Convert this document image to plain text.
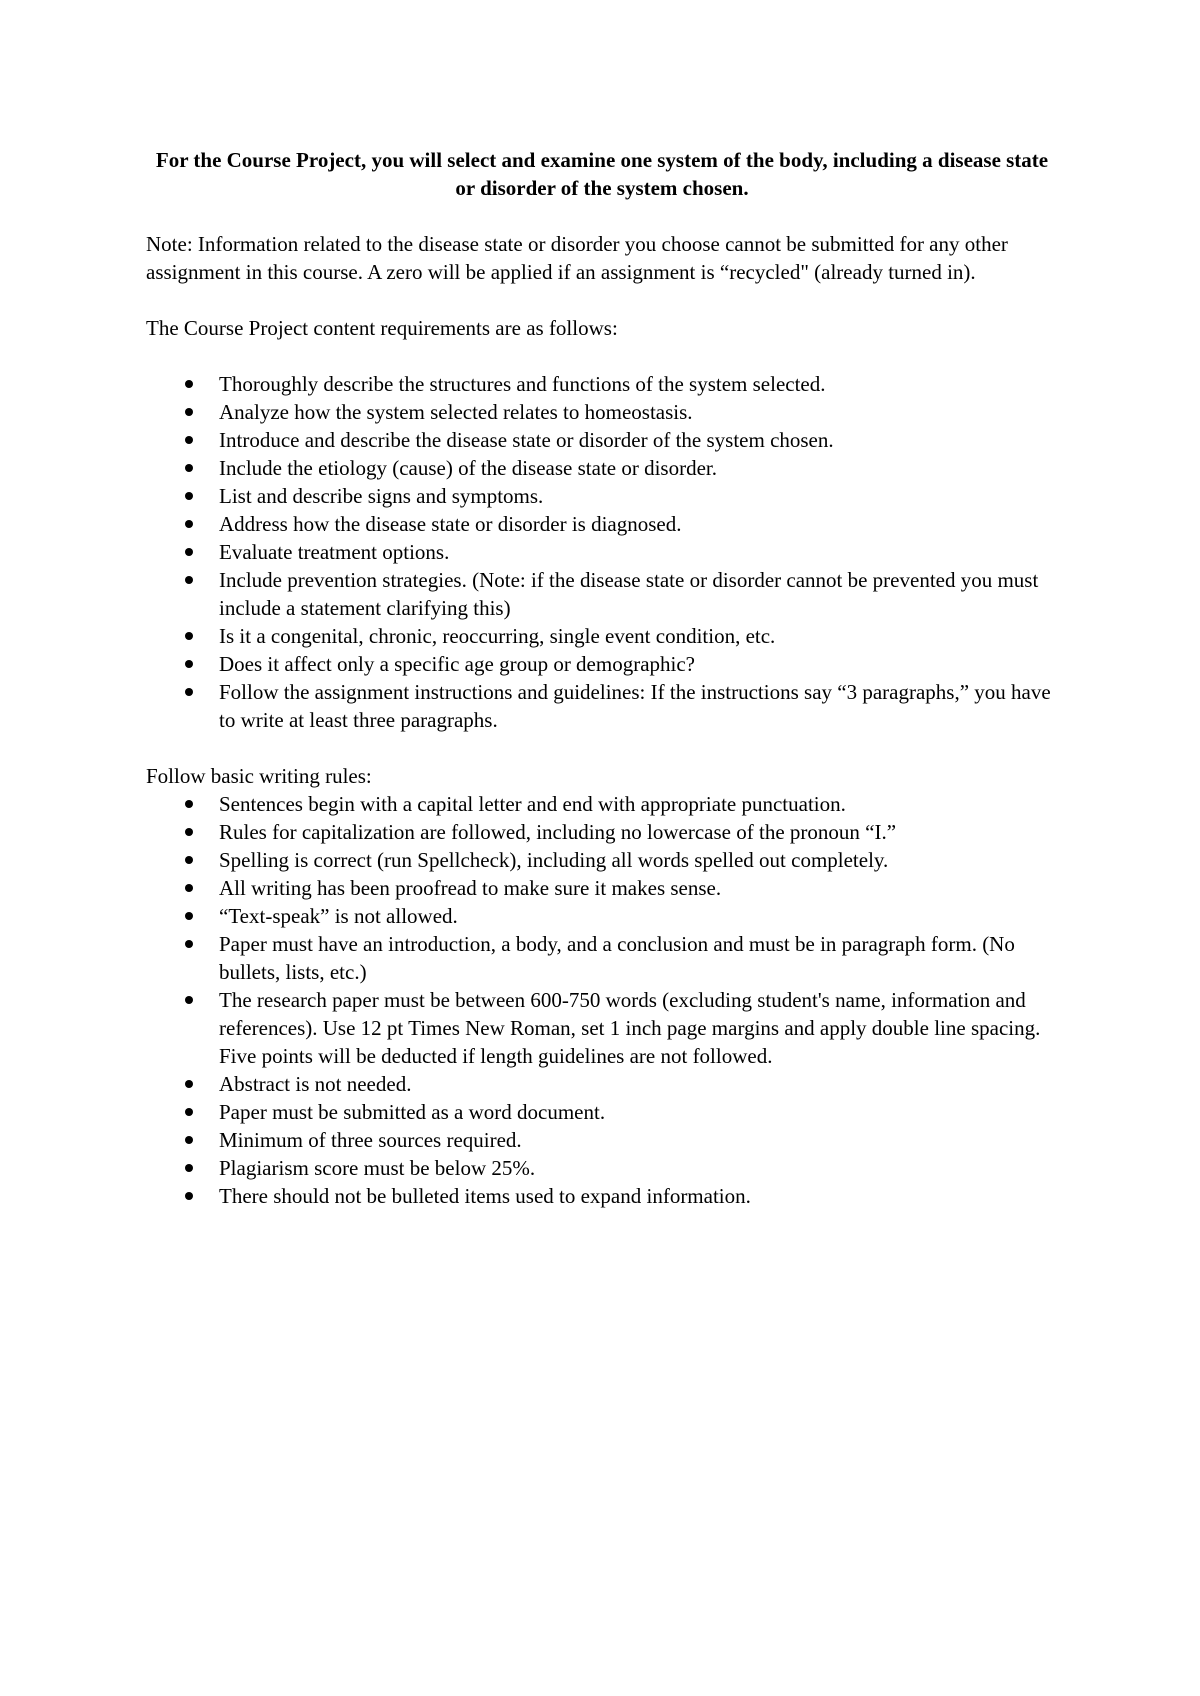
For the Course Project, you will select and examine one system of the body, including a disease state or disorder of the system chosen.

Note: Information related to the disease state or disorder you choose cannot be submitted for any other assignment in this course. A zero will be applied if an assignment is “recycled" (already turned in).

The Course Project content requirements are as follows:

Thoroughly describe the structures and functions of the system selected.
Analyze how the system selected relates to homeostasis.
Introduce and describe the disease state or disorder of the system chosen.
Include the etiology (cause) of the disease state or disorder.
List and describe signs and symptoms.
Address how the disease state or disorder is diagnosed.
Evaluate treatment options.
Include prevention strategies. (Note: if the disease state or disorder cannot be prevented you must include a statement clarifying this)
Is it a congenital, chronic, reoccurring, single event condition, etc.
Does it affect only a specific age group or demographic?
Follow the assignment instructions and guidelines: If the instructions say “3 paragraphs,” you have to write at least three paragraphs.

Follow basic writing rules:

Sentences begin with a capital letter and end with appropriate punctuation.
Rules for capitalization are followed, including no lowercase of the pronoun “I.”
Spelling is correct (run Spellcheck), including all words spelled out completely.
All writing has been proofread to make sure it makes sense.
“Text-speak” is not allowed.
Paper must have an introduction, a body, and a conclusion and must be in paragraph form. (No bullets, lists, etc.)
The research paper must be between 600-750 words (excluding student's name, information and references). Use 12 pt Times New Roman, set 1 inch page margins and apply double line spacing. Five points will be deducted if length guidelines are not followed.
Abstract is not needed.
Paper must be submitted as a word document.
Minimum of three sources required.
Plagiarism score must be below 25%.
There should not be bulleted items used to expand information.
